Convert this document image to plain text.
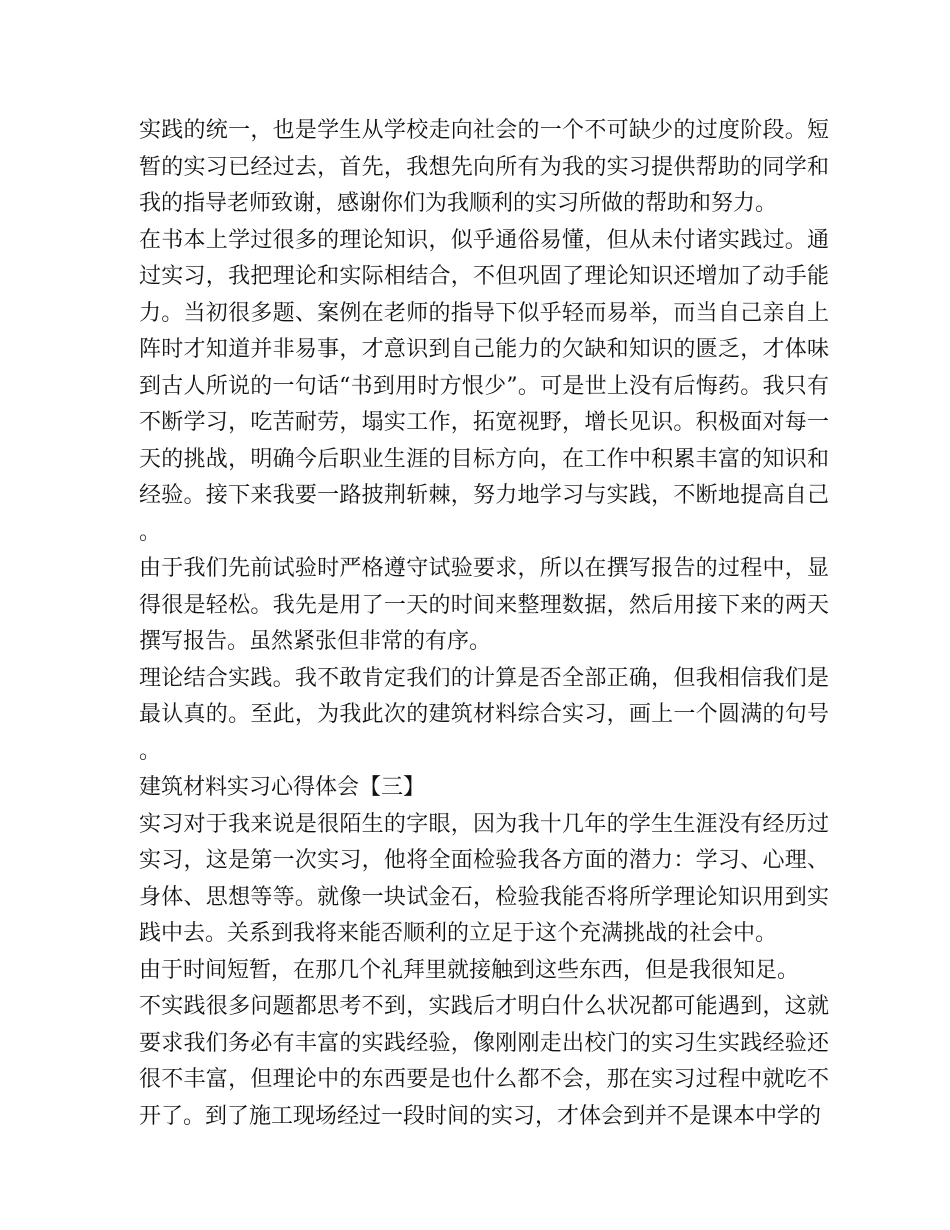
实践的统一，也是学生从学校走向社会的一个不可缺少的过度阶段。短暂的实习已经过去，首先，我想先向所有为我的实习提供帮助的同学和我的指导老师致谢，感谢你们为我顺利的实习所做的帮助和努力。

在书本上学过很多的理论知识，似乎通俗易懂，但从未付诸实践过。通过实习，我把理论和实际相结合，不但巩固了理论知识还增加了动手能力。当初很多题、案例在老师的指导下似乎轻而易举，而当自己亲自上阵时才知道并非易事，才意识到自己能力的欠缺和知识的匮乏，才体味到古人所说的一句话“书到用时方恨少”。可是世上没有后悔药。我只有不断学习，吃苦耐劳，塌实工作，拓宽视野，增长见识。积极面对每一天的挑战，明确今后职业生涯的目标方向，在工作中积累丰富的知识和经验。接下来我要一路披荆斩棘，努力地学习与实践，不断地提高自己。

由于我们先前试验时严格遵守试验要求，所以在撰写报告的过程中，显得很是轻松。我先是用了一天的时间来整理数据，然后用接下来的两天撰写报告。虽然紧张但非常的有序。

理论结合实践。我不敢肯定我们的计算是否全部正确，但我相信我们是最认真的。至此，为我此次的建筑材料综合实习，画上一个圆满的句号。

建筑材料实习心得体会【三】

实习对于我来说是很陌生的字眼，因为我十几年的学生生涯没有经历过实习，这是第一次实习，他将全面检验我各方面的潜力：学习、心理、身体、思想等等。就像一块试金石，检验我能否将所学理论知识用到实践中去。关系到我将来能否顺利的立足于这个充满挑战的社会中。

由于时间短暂，在那几个礼拜里就接触到这些东西，但是我很知足。

不实践很多问题都思考不到，实践后才明白什么状况都可能遇到，这就要求我们务必有丰富的实践经验，像刚刚走出校门的实习生实践经验还很不丰富，但理论中的东西要是也什么都不会，那在实习过程中就吃不开了。到了施工现场经过一段时间的实习，才体会到并不是课本中学的
